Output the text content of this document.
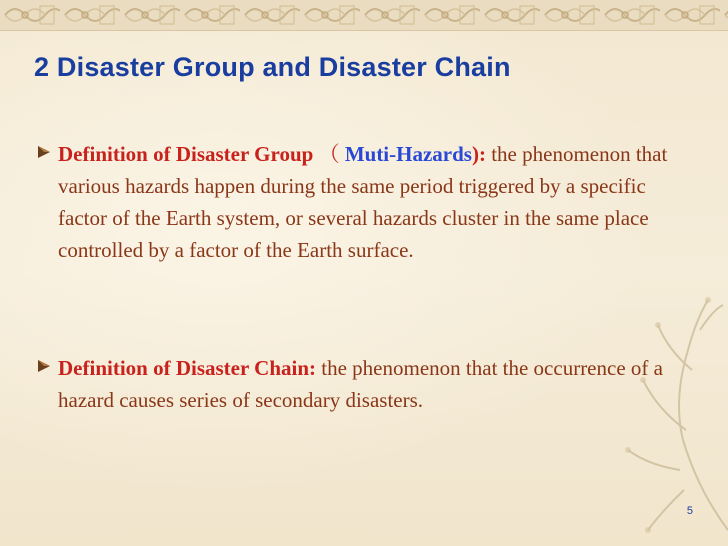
2 Disaster Group and Disaster Chain
Definition of Disaster Group （ Muti-Hazards): the phenomenon that various hazards happen during the same period triggered by a specific factor of the Earth system, or several hazards cluster in the same place controlled by a factor of the Earth surface.
Definition of Disaster Chain: the phenomenon that the occurrence of a hazard causes series of secondary disasters.
5
